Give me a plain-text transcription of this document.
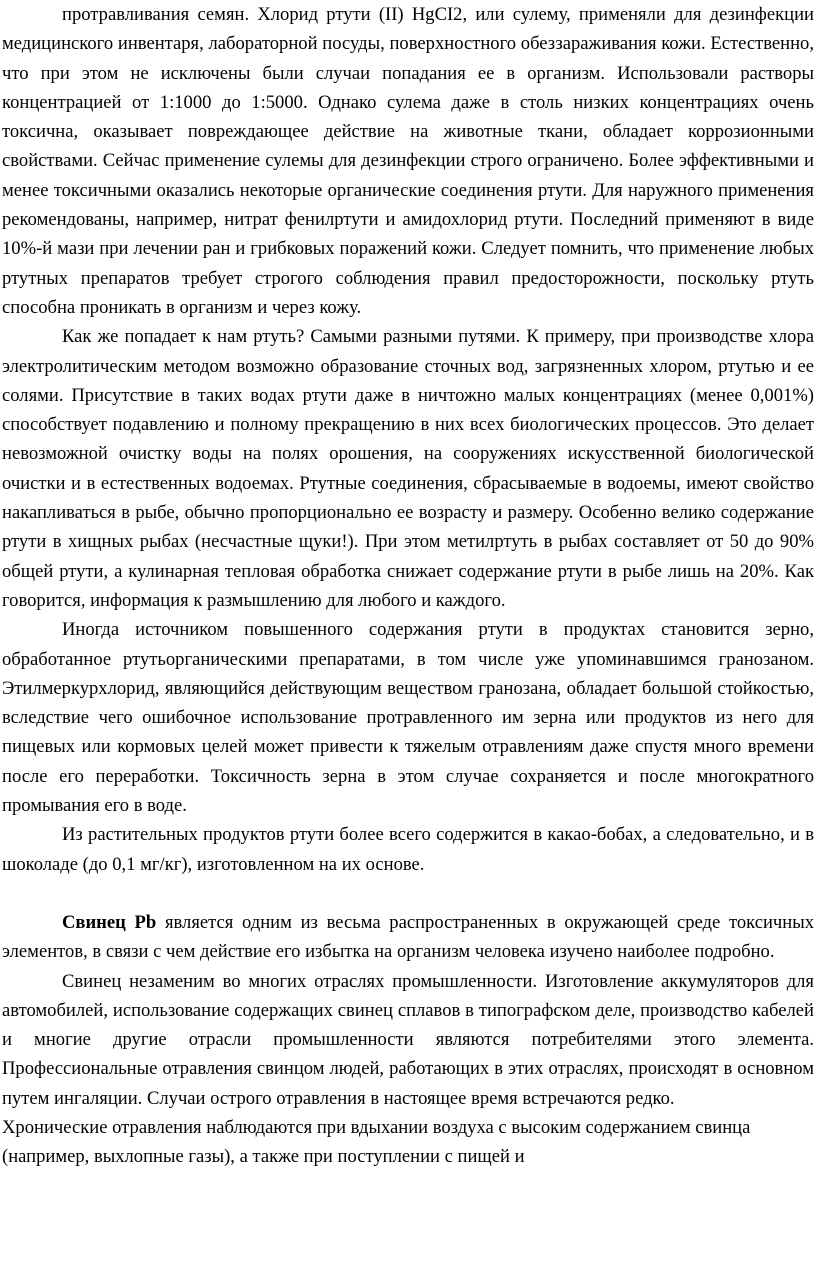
протравливания семян. Хлорид ртути (II) HgCI2, или сулему, применяли для дезинфекции медицинского инвентаря, лабораторной посуды, поверхностного обеззараживания кожи. Естественно, что при этом не исключены были случаи попадания ее в организм. Использовали растворы концентрацией от 1:1000 до 1:5000. Однако сулема даже в столь низких концентрациях очень токсична, оказывает повреждающее действие на животные ткани, обладает коррозионными свойствами. Сейчас применение сулемы для дезинфекции строго ограничено. Более эффективными и менее токсичными оказались некоторые органические соединения ртути. Для наружного применения рекомендованы, например, нитрат фенилртути и амидохлорид ртути. Последний применяют в виде 10%-й мази при лечении ран и грибковых поражений кожи. Следует помнить, что применение любых ртутных препаратов требует строгого соблюдения правил предосторожности, поскольку ртуть способна проникать в организм и через кожу.

Как же попадает к нам ртуть? Самыми разными путями. К примеру, при производстве хлора электролитическим методом возможно образование сточных вод, загрязненных хлором, ртутью и ее солями. Присутствие в таких водах ртути даже в ничтожно малых концентрациях (менее 0,001%) способствует подавлению и полному прекращению в них всех биологических процессов. Это делает невозможной очистку воды на полях орошения, на сооружениях искусственной биологической очистки и в естественных водоемах. Ртутные соединения, сбрасываемые в водоемы, имеют свойство накапливаться в рыбе, обычно пропорционально ее возрасту и размеру. Особенно велико содержание ртути в хищных рыбах (несчастные щуки!). При этом метилртуть в рыбах составляет от 50 до 90% общей ртути, а кулинарная тепловая обработка снижает содержание ртути в рыбе лишь на 20%. Как говорится, информация к размышлению для любого и каждого.

Иногда источником повышенного содержания ртути в продуктах становится зерно, обработанное ртутьорганическими препаратами, в том числе уже упоминавшимся гранозаном. Этилмеркурхлорид, являющийся действующим веществом гранозана, обладает большой стойкостью, вследствие чего ошибочное использование протравленного им зерна или продуктов из него для пищевых или кормовых целей может привести к тяжелым отравлениям даже спустя много времени после его переработки. Токсичность зерна в этом случае сохраняется и после многократного промывания его в воде.

Из растительных продуктов ртути более всего содержится в какао-бобах, а следовательно, и в шоколаде (до 0,1 мг/кг), изготовленном на их основе.

Свинец Pb является одним из весьма распространенных в окружающей среде токсичных элементов, в связи с чем действие его избытка на организм человека изучено наиболее подробно.

Свинец незаменим во многих отраслях промышленности. Изготовление аккумуляторов для автомобилей, использование содержащих свинец сплавов в типографском деле, производство кабелей и многие другие отрасли промышленности являются потребителями этого элемента. Профессиональные отравления свинцом людей, работающих в этих отраслях, происходят в основном путем ингаляции. Случаи острого отравления в настоящее время встречаются редко.

Хронические отравления наблюдаются при вдыхании воздуха с высоким содержанием свинца (например, выхлопные газы), а также при поступлении с пищей и
